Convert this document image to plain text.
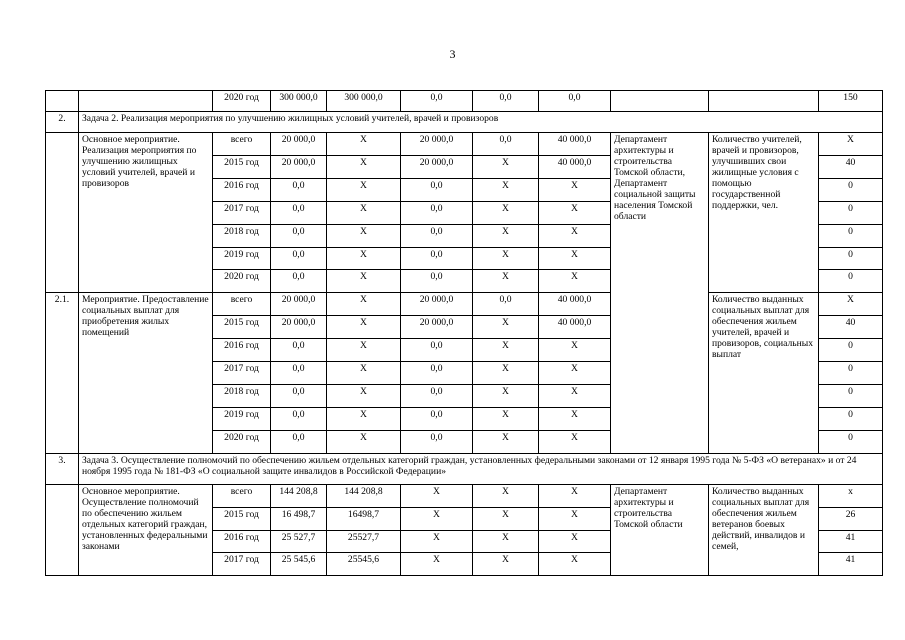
3
		2020 год	300 000,0	300 000,0	0,0	0,0	0,0			150
2.	Задача 2. Реализация мероприятия по улучшению жилищных условий учителей, врачей и провизоров									
	Основное мероприятие. Реализация мероприятия по улучшению жилищных условий учителей, врачей и провизоров	всего	20 000,0	Х	20 000,0	0,0	40 000,0	Департамент архитектуры и строительства Томской области, Департамент социальной защиты населения Томской области	Количество учителей, врачей и провизоров, улучшивших свои жилищные условия с помощью государственной поддержки, чел.	Х
		2015 год	20 000,0	Х	20 000,0	Х	40 000,0			40
		2016 год	0,0	Х	0,0	Х	Х			0
		2017 год	0,0	Х	0,0	Х	Х			0
		2018 год	0,0	Х	0,0	Х	Х			0
		2019 год	0,0	Х	0,0	Х	Х			0
		2020 год	0,0	Х	0,0	Х	Х			0
2.1.	Мероприятие. Предоставление социальных выплат для приобретения жилых помещений	всего	20 000,0	Х	20 000,0	0,0	40 000,0		Количество выданных социальных выплат для обеспечения жильем учителей, врачей и провизоров, социальных выплат	Х
		2015 год	20 000,0	Х	20 000,0	Х	40 000,0			40
		2016 год	0,0	Х	0,0	Х	Х			0
		2017 год	0,0	Х	0,0	Х	Х			0
		2018 год	0,0	Х	0,0	Х	Х			0
		2019 год	0,0	Х	0,0	Х	Х			0
		2020 год	0,0	Х	0,0	Х	Х			0
3.	Задача 3. Осуществление полномочий по обеспечению жильем отдельных категорий граждан, установленных федеральными законами от 12 января 1995 года № 5-ФЗ «О ветеранах» и от 24 ноября 1995 года № 181-ФЗ «О социальной защите инвалидов в Российской Федерации»									
	Основное мероприятие. Осуществление полномочий по обеспечению жильем отдельных категорий граждан, установленных федеральными законами	всего	144 208,8	144 208,8	Х	Х	Х	Департамент архитектуры и строительства Томской области	Количество выданных социальных выплат для обеспечения жильем ветеранов боевых действий, инвалидов и семей,	х
		2015 год	16 498,7	16498,7	Х	Х	Х			26
		2016 год	25 527,7	25527,7	Х	Х	Х			41
		2017 год	25 545,6	25545,6	Х	Х	Х			41
